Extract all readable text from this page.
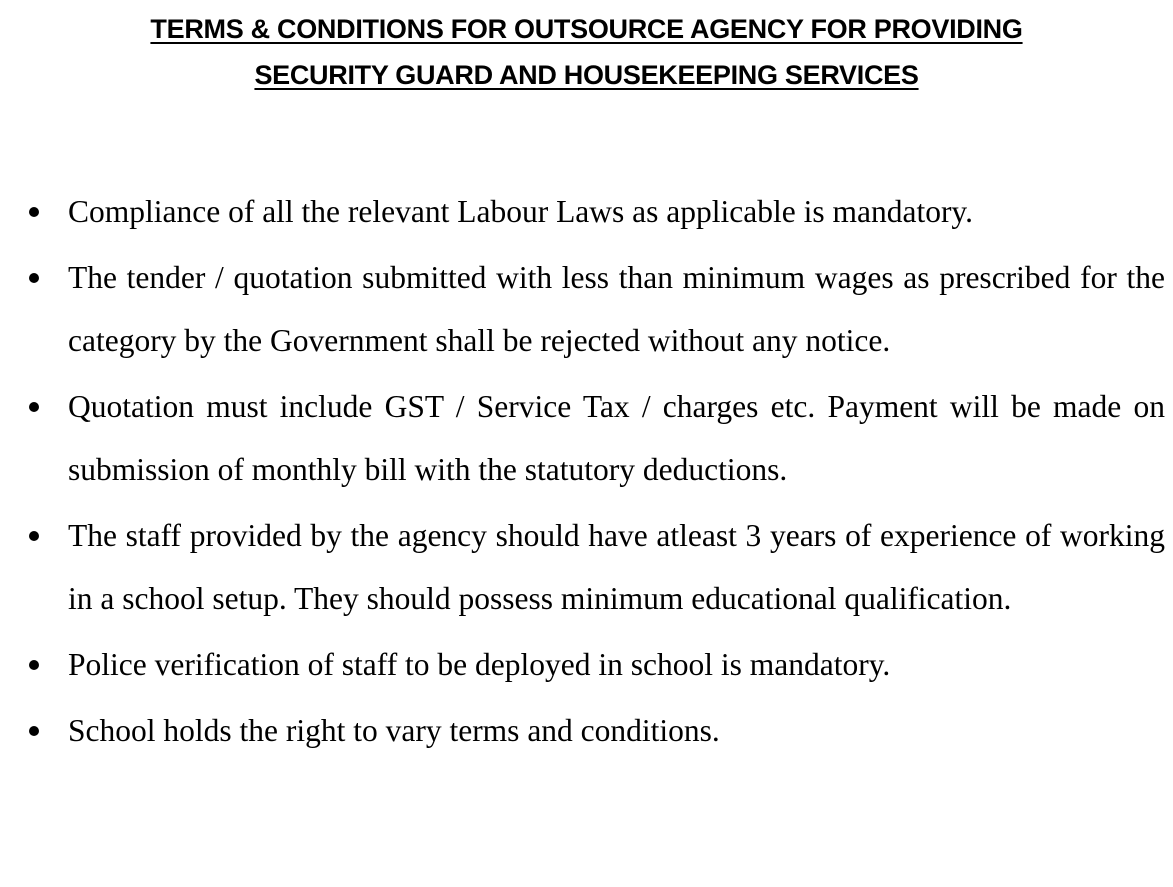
TERMS & CONDITIONS FOR OUTSOURCE AGENCY FOR PROVIDING
SECURITY GUARD AND HOUSEKEEPING SERVICES
Compliance of all the relevant Labour Laws as applicable is mandatory.
The tender / quotation submitted with less than minimum wages as prescribed for the category by the Government shall be rejected without any notice.
Quotation must include GST / Service Tax / charges etc. Payment will be made on submission of monthly bill with the statutory deductions.
The staff provided by the agency should have atleast 3 years of experience of working in a school setup. They should possess minimum educational qualification.
Police verification of staff to be deployed in school is mandatory.
School holds the right to vary terms and conditions.
